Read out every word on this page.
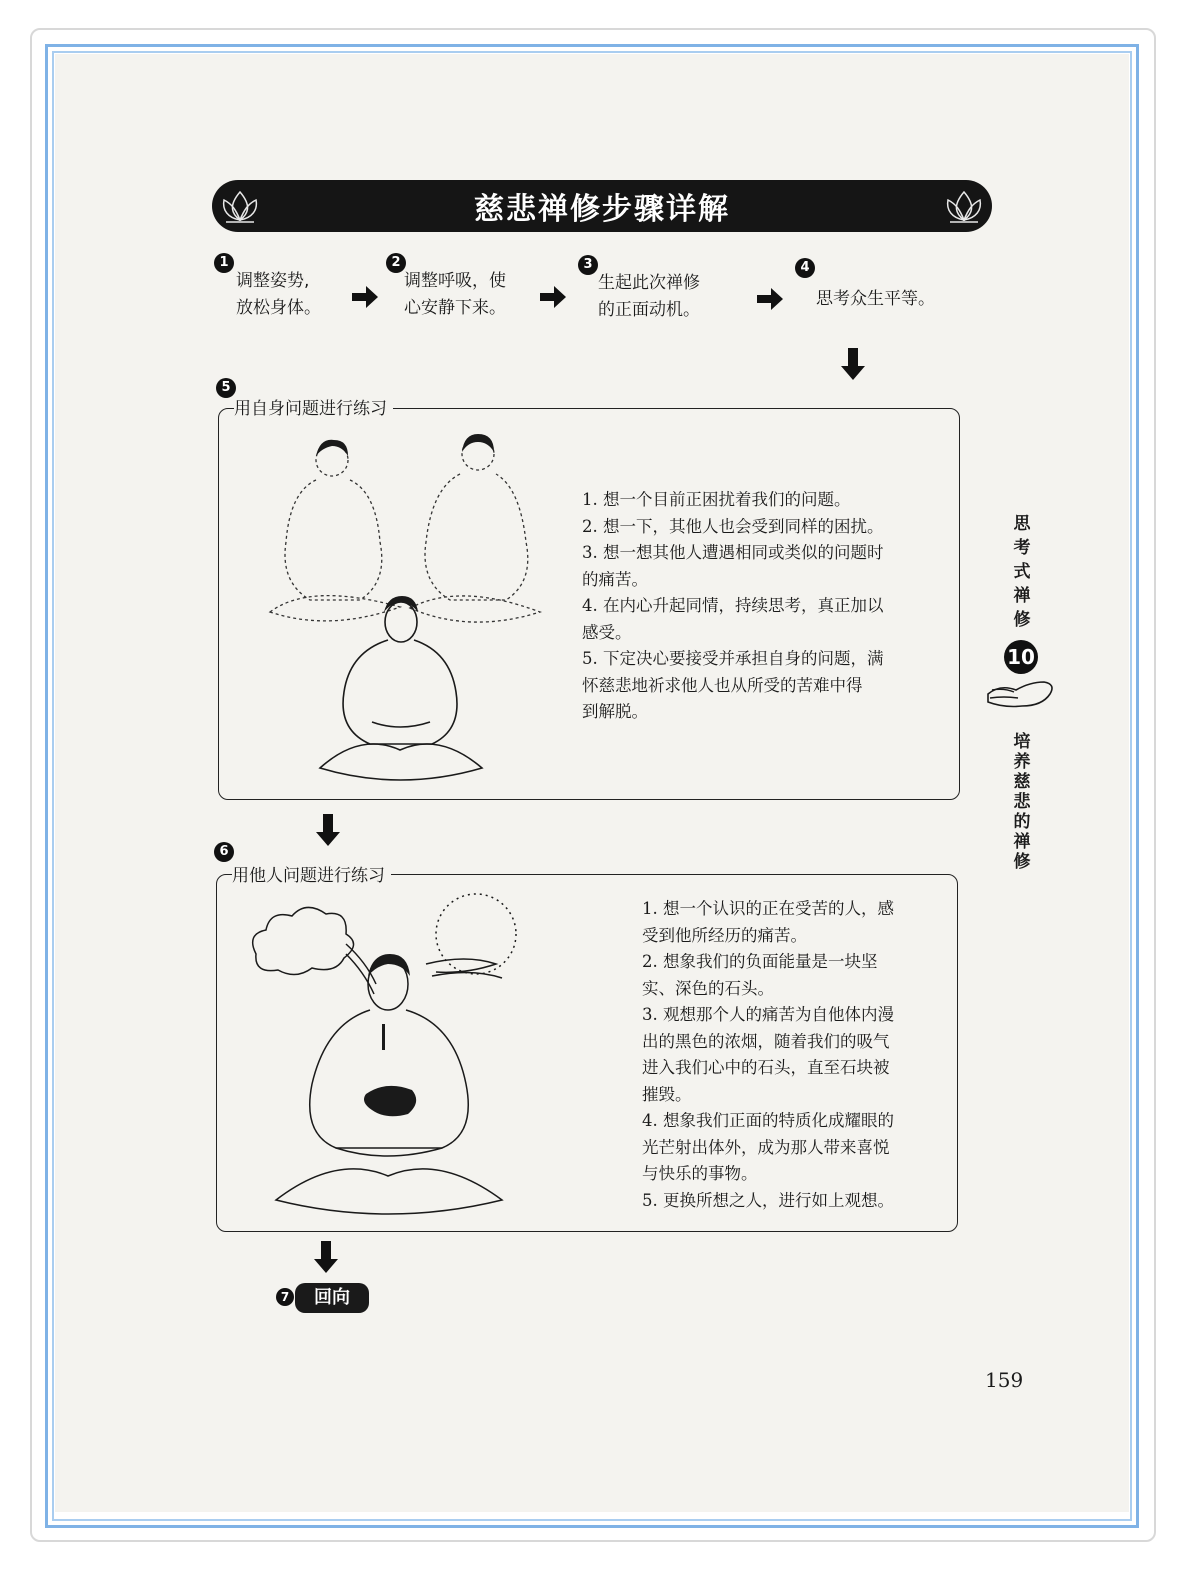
慈悲禅修步骤详解
1
调整姿势,
放松身体。
2
调整呼吸，使
心安静下来。
3
生起此次禅修
的正面动机。
4
思考众生平等。
5
用自身问题进行练习
1. 想一个目前正困扰着我们的问题。
2. 想一下，其他人也会受到同样的困扰。
3. 想一想其他人遭遇相同或类似的问题时
的痛苦。
4. 在内心升起同情，持续思考，真正加以
感受。
5. 下定决心要接受并承担自身的问题，满
怀慈悲地祈求他人也从所受的苦难中得
到解脱。
6
用他人问题进行练习
1. 想一个认识的正在受苦的人，感
受到他所经历的痛苦。
2. 想象我们的负面能量是一块坚
实、深色的石头。
3. 观想那个人的痛苦为自他体内漫
出的黑色的浓烟，随着我们的吸气
进入我们心中的石头，直至石块被
摧毁。
4. 想象我们正面的特质化成耀眼的
光芒射出体外，成为那人带来喜悦
与快乐的事物。
5. 更换所想之人，进行如上观想。
7	回向
思
考
式
禅
修
10
培
养
慈
悲
的
禅
修
159
